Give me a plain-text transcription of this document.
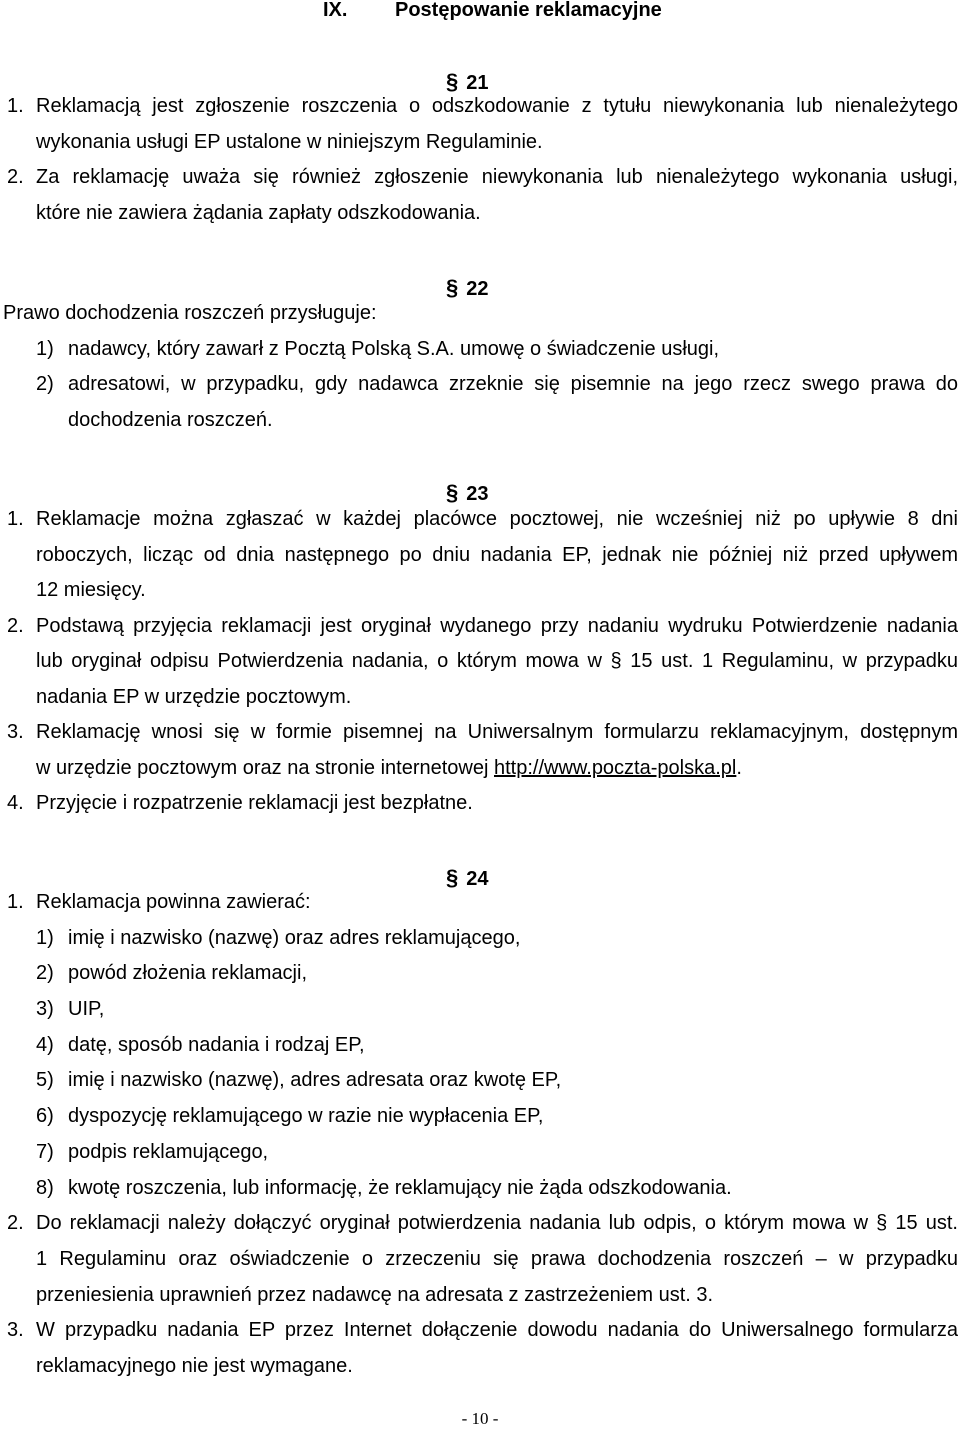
IX. Postępowanie reklamacyjne
§ 21
1. Reklamacją jest zgłoszenie roszczenia o odszkodowanie z tytułu niewykonania lub nienależytego
wykonania usługi EP ustalone w niniejszym Regulaminie.
2. Za reklamację uważa się również zgłoszenie niewykonania lub nienależytego wykonania usługi,
które nie zawiera żądania zapłaty odszkodowania.
§ 22
Prawo dochodzenia roszczeń przysługuje:
1) nadawcy, który zawarł z Pocztą Polską S.A. umowę o świadczenie usługi,
2) adresatowi, w przypadku, gdy nadawca zrzeknie się pisemnie na jego rzecz swego prawa do
dochodzenia roszczeń.
§ 23
1. Reklamacje można zgłaszać w każdej placówce pocztowej, nie wcześniej niż po upływie 8 dni
roboczych, licząc od dnia następnego po dniu nadania EP, jednak nie później niż przed upływem
12 miesięcy.
2. Podstawą przyjęcia reklamacji jest oryginał wydanego przy nadaniu wydruku Potwierdzenie nadania
lub oryginał odpisu Potwierdzenia nadania, o którym mowa w § 15 ust. 1 Regulaminu, w przypadku
nadania EP w urzędzie pocztowym.
3. Reklamację wnosi się w formie pisemnej na Uniwersalnym formularzu reklamacyjnym, dostępnym
w urzędzie pocztowym oraz na stronie internetowej http://www.poczta-polska.pl.
4. Przyjęcie i rozpatrzenie reklamacji jest bezpłatne.
§ 24
1. Reklamacja powinna zawierać:
1) imię i nazwisko (nazwę) oraz adres reklamującego,
2) powód złożenia reklamacji,
3) UIP,
4) datę, sposób nadania i rodzaj EP,
5) imię i nazwisko (nazwę), adres adresata oraz kwotę EP,
6) dyspozycję reklamującego w razie nie wypłacenia EP,
7) podpis reklamującego,
8) kwotę roszczenia, lub informację, że reklamujący nie żąda odszkodowania.
2. Do reklamacji należy dołączyć oryginał potwierdzenia nadania lub odpis, o którym mowa w § 15 ust.
1 Regulaminu oraz oświadczenie o zrzeczeniu się prawa dochodzenia roszczeń – w przypadku
przeniesienia uprawnień przez nadawcę na adresata z zastrzeżeniem ust. 3.
3. W przypadku nadania EP przez Internet dołączenie dowodu nadania do Uniwersalnego formularza
reklamacyjnego nie jest wymagane.
- 10 -
